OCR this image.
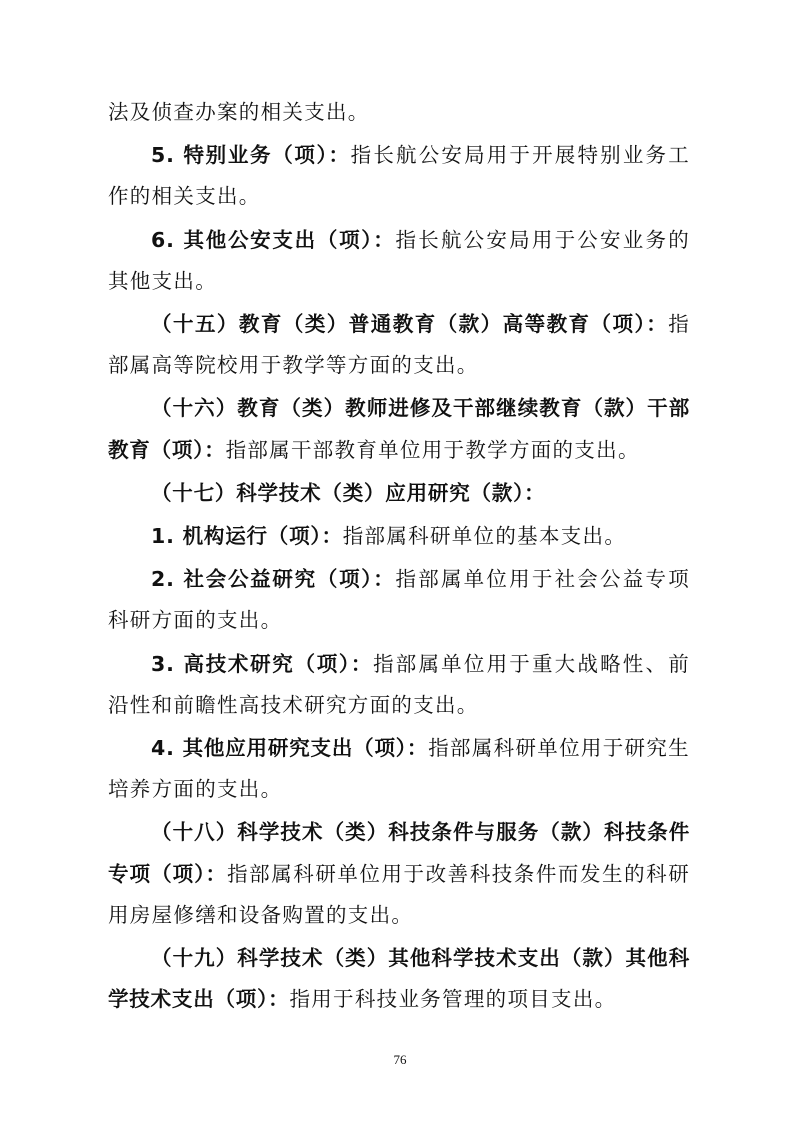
法及侦查办案的相关支出。

5. 特别业务（项）：指长航公安局用于开展特别业务工作的相关支出。

6. 其他公安支出（项）：指长航公安局用于公安业务的其他支出。

（十五）教育（类）普通教育（款）高等教育（项）：指部属高等院校用于教学等方面的支出。

（十六）教育（类）教师进修及干部继续教育（款）干部教育（项）：指部属干部教育单位用于教学方面的支出。

（十七）科学技术（类）应用研究（款）：

1. 机构运行（项）：指部属科研单位的基本支出。

2. 社会公益研究（项）：指部属单位用于社会公益专项科研方面的支出。

3. 高技术研究（项）：指部属单位用于重大战略性、前沿性和前瞻性高技术研究方面的支出。

4. 其他应用研究支出（项）：指部属科研单位用于研究生培养方面的支出。

（十八）科学技术（类）科技条件与服务（款）科技条件专项（项）：指部属科研单位用于改善科技条件而发生的科研用房屋修缮和设备购置的支出。

（十九）科学技术（类）其他科学技术支出（款）其他科学技术支出（项）：指用于科技业务管理的项目支出。

76
